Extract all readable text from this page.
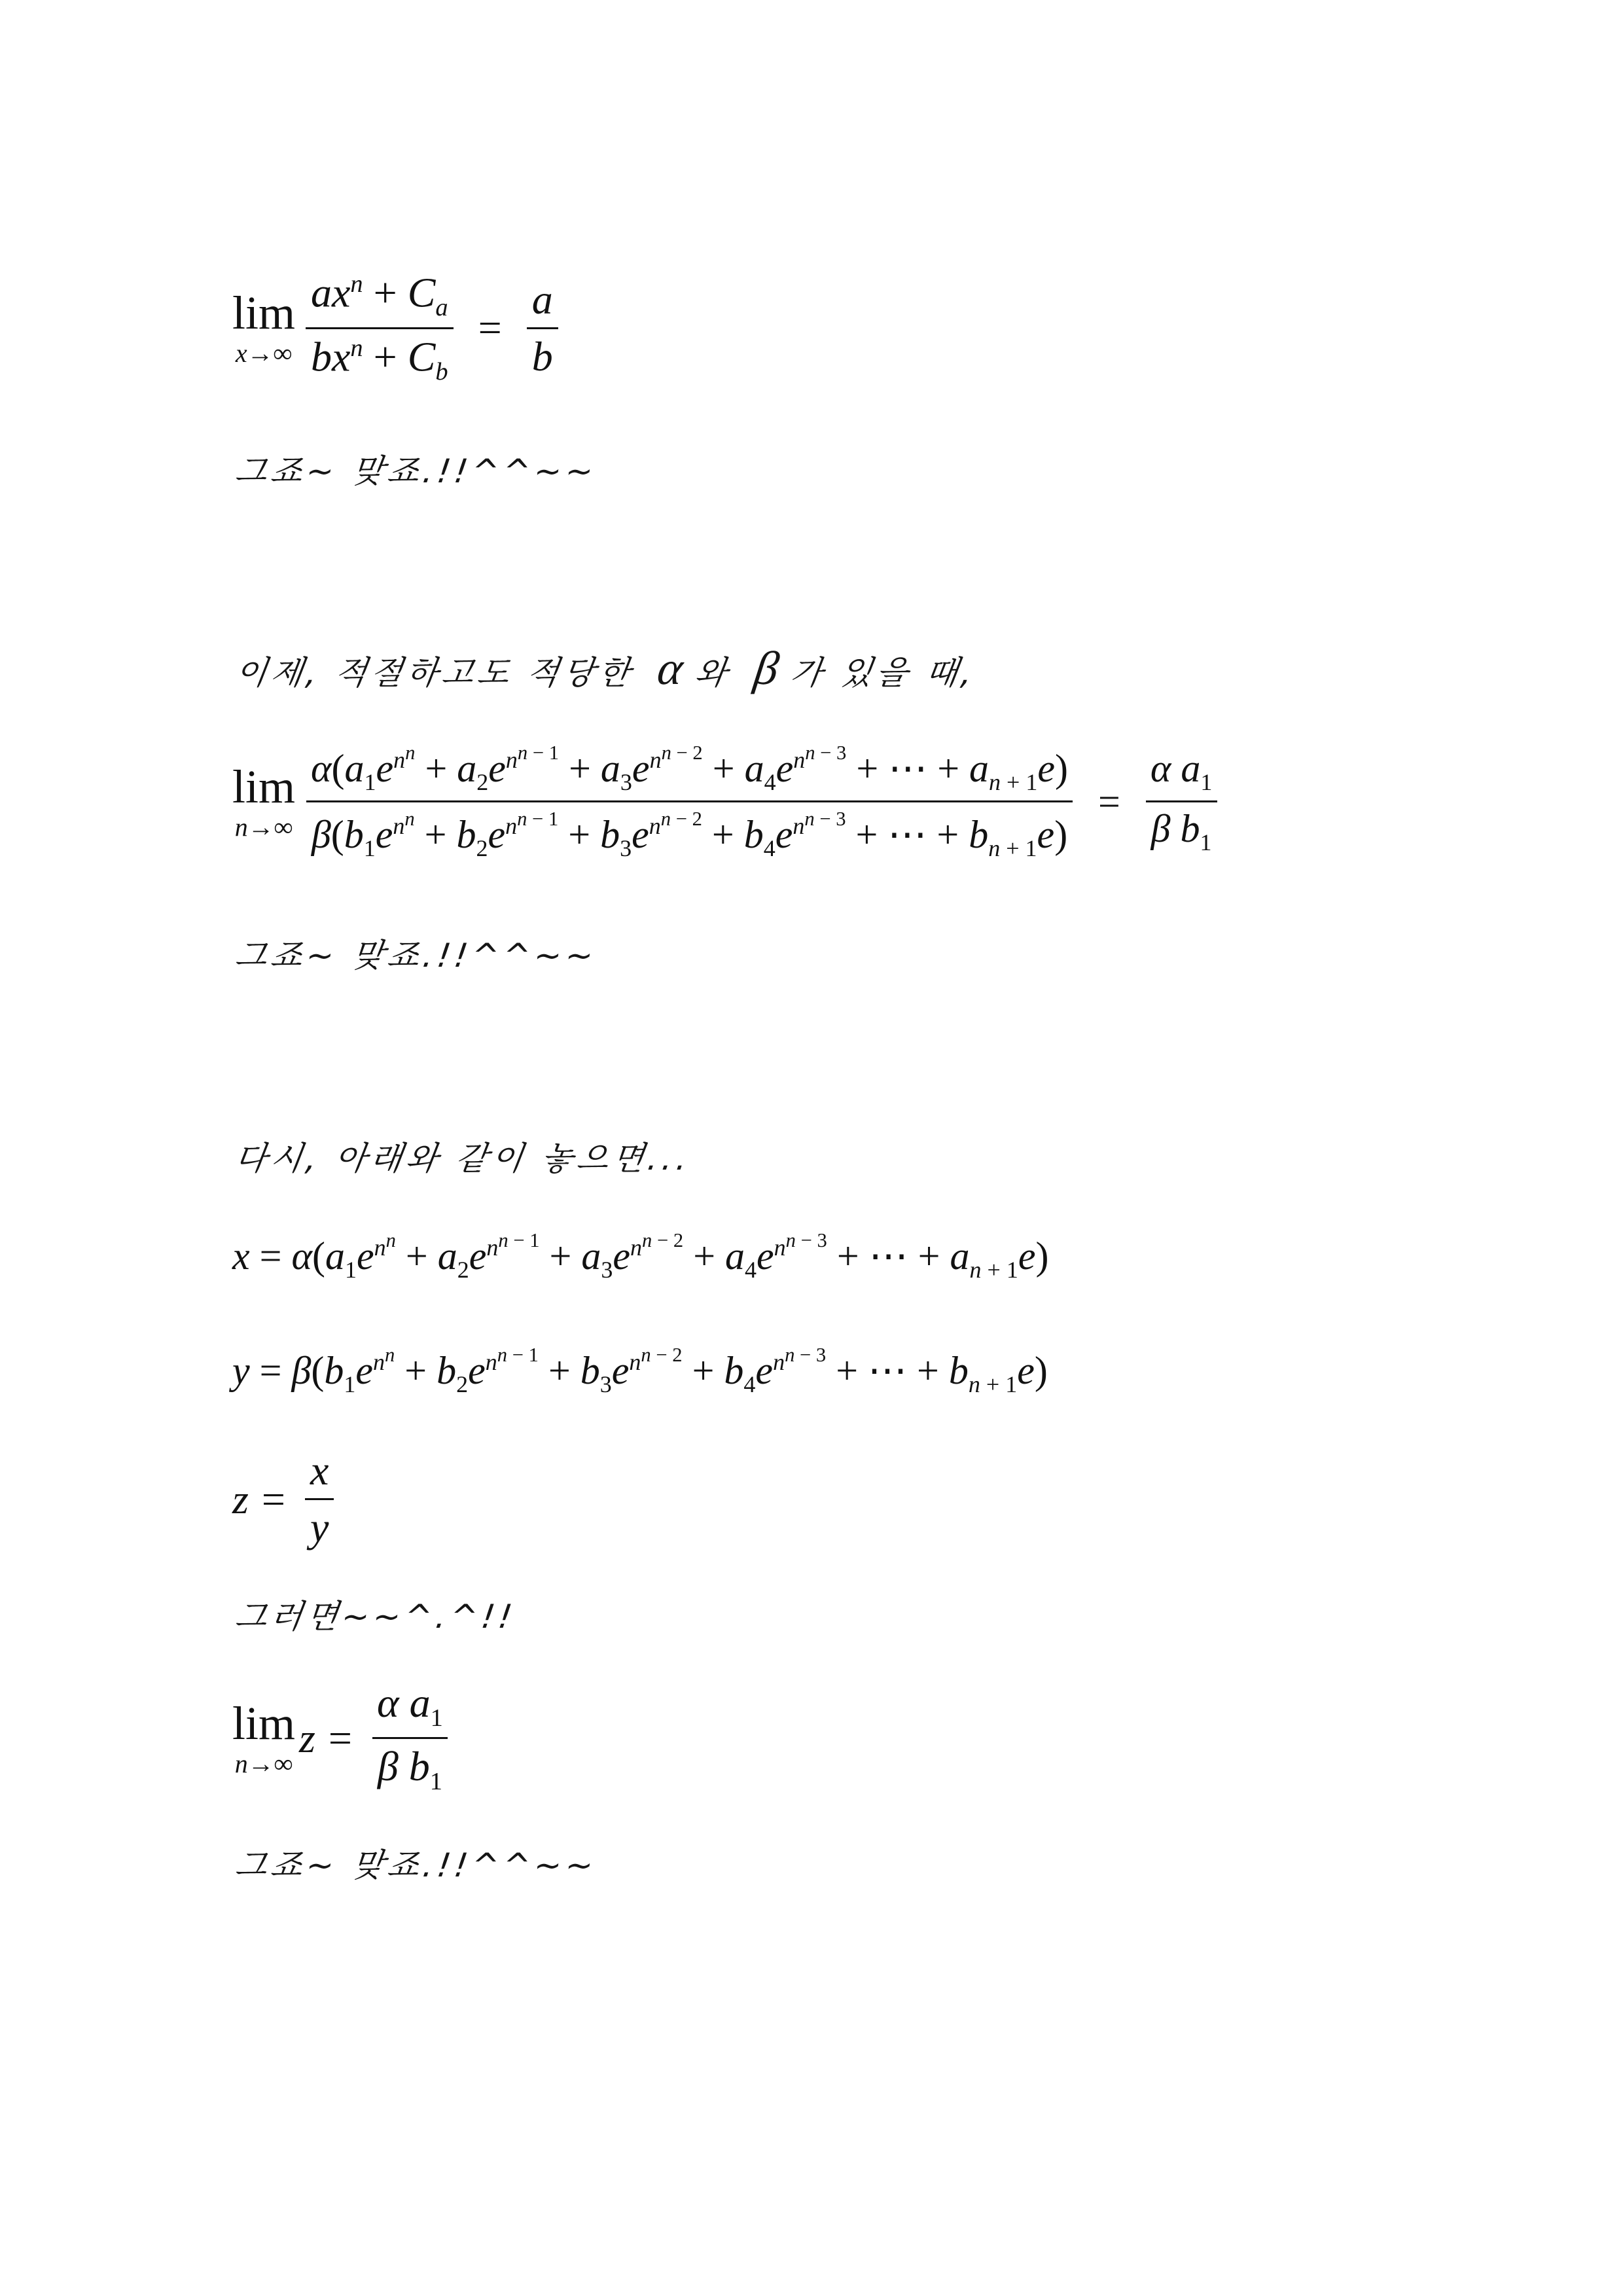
lim
$x\to\infty \frac{ax^n + C_a}{bx^n + C_b} = \frac{a}{b}$
그죠~ 맞죠.!!^^~~
이제, 적절하고도 적당한 α와 β가 있을 때,
lim
$n\to\infty \frac{\alpha(a_1e^{n^n} + a_2e^{n^{n - 1}} + a_3e^{n^{n - 2}} + a_4e^{n^{n - 3}} + \cdots + a_{n + 1}e)}{\beta(b_1e^{n^n} + b_2e^{n^{n - 1}} + b_3e^{n^{n - 2}} + b_4e^{n^{n - 3}} + \cdots + b_{n + 1}e)} = \frac{\alpha a_1}{\beta b_1}$
그죠~ 맞죠.!!^^~~
다시, 아래와 같이 놓으면...
$x = \alpha(a_1e^{n^n} + a_2e^{n^{n - 1}} + a_3e^{n^{n - 2}} + a_4e^{n^{n - 3}}$ + ⋯ + $a_{n + 1}e$)
$y = \beta(b_1e^{n^n} + b_2e^{n^{n - 1}} + b_3e^{n^{n - 2}} + b_4e^{n^{n - 3}}$ + ⋯ + $b_{n + 1}e$)
$z = \frac{x}{y}$
그러면~~^.^!!
lim
n→∞
$z = \frac{\alpha a_1}{\beta b_1}$
그죠~ 맞죠.!!^^~~
